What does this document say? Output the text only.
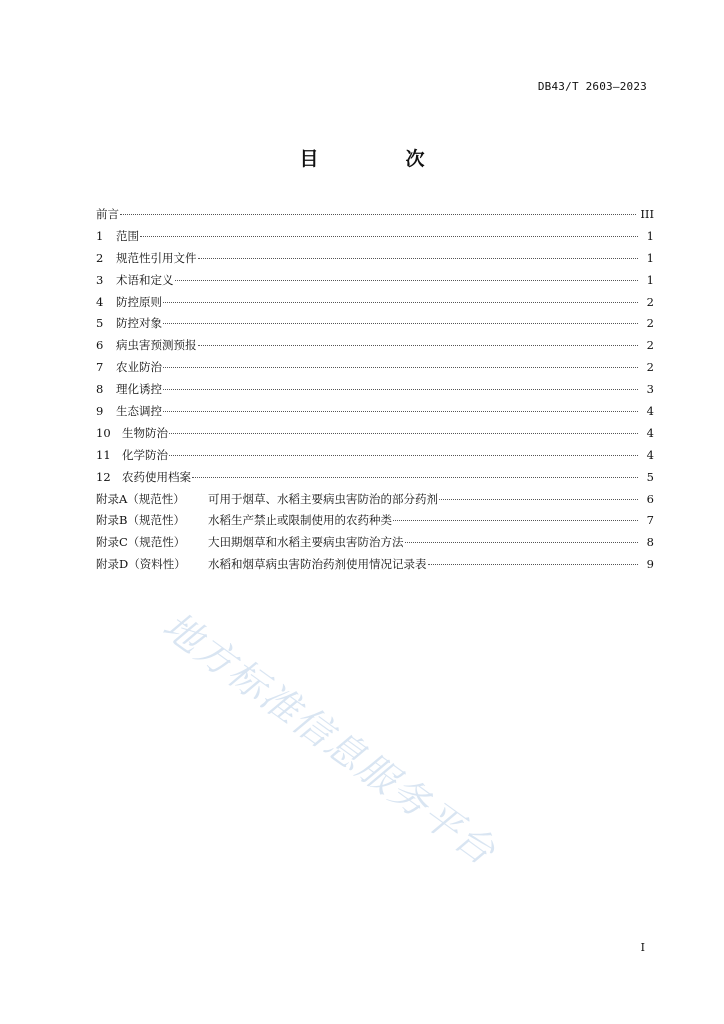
DB43/T 2603—2023
目　次
前言	III
1	范围	1
2	规范性引用文件	1
3	术语和定义	1
4	防控原则	2
5	防控对象	2
6	病虫害预测预报	2
7	农业防治	2
8	理化诱控	3
9	生态调控	4
10 生物防治	4
11 化学防治	4
12 农药使用档案	5
附录A（规范性）	可用于烟草、水稻主要病虫害防治的部分药剂	6
附录B（规范性）	水稻生产禁止或限制使用的农药种类	7
附录C（规范性）	大田期烟草和水稻主要病虫害防治方法	8
附录D（资料性）	水稻和烟草病虫害防治药剂使用情况记录表	9
地方标准信息服务平台
I
